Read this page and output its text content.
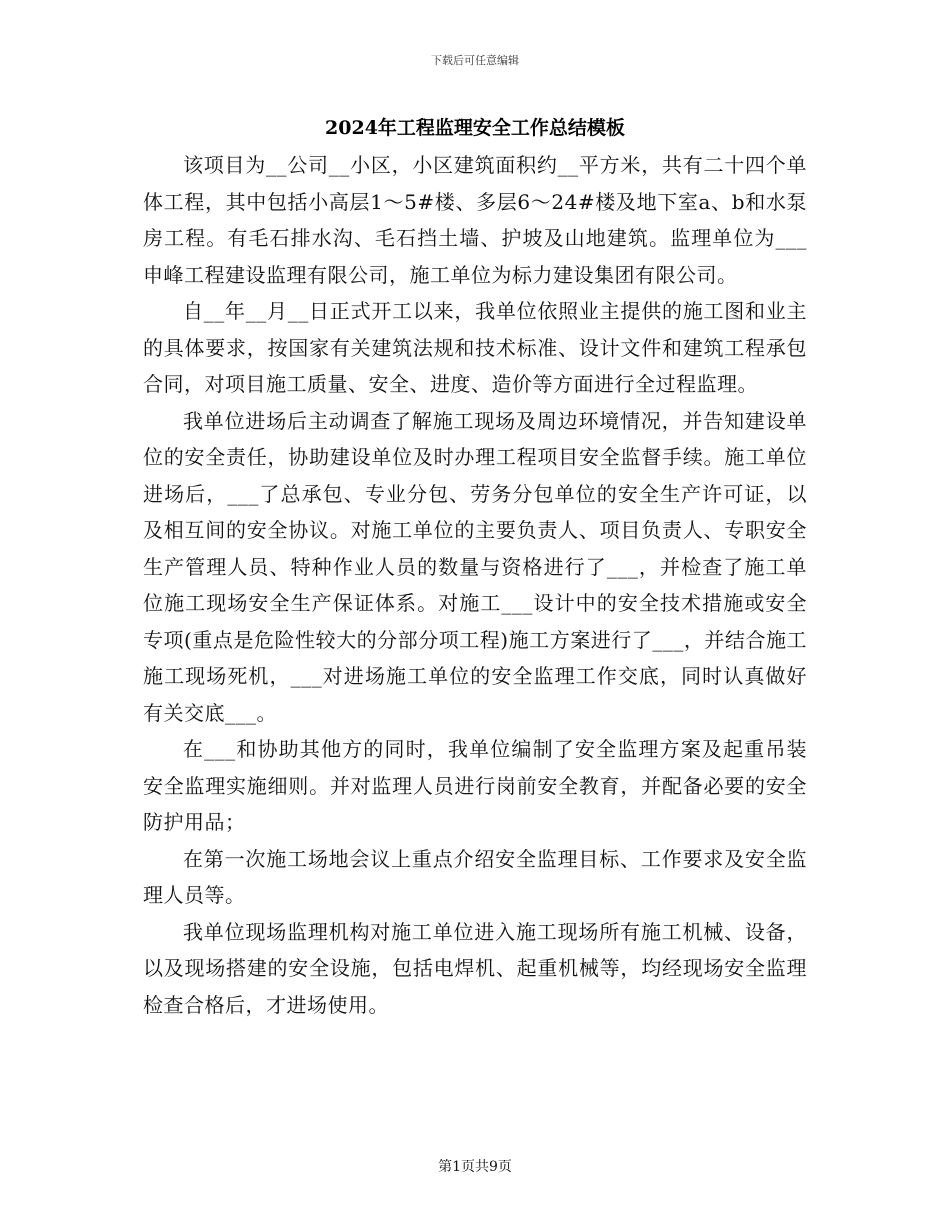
下载后可任意编辑
2024年工程监理安全工作总结模板

该项目为__公司__小区，小区建筑面积约__平方米，共有二十四个单体工程，其中包括小高层1～5#楼、多层6～24#楼及地下室a、b和水泵房工程。有毛石排水沟、毛石挡土墙、护坡及山地建筑。监理单位为___申峰工程建设监理有限公司，施工单位为标力建设集团有限公司。

自__年__月__日正式开工以来，我单位依照业主提供的施工图和业主的具体要求，按国家有关建筑法规和技术标准、设计文件和建筑工程承包合同，对项目施工质量、安全、进度、造价等方面进行全过程监理。

我单位进场后主动调查了解施工现场及周边环境情况，并告知建设单位的安全责任，协助建设单位及时办理工程项目安全监督手续。施工单位进场后，___了总承包、专业分包、劳务分包单位的安全生产许可证，以及相互间的安全协议。对施工单位的主要负责人、项目负责人、专职安全生产管理人员、特种作业人员的数量与资格进行了___，并检查了施工单位施工现场安全生产保证体系。对施工___设计中的安全技术措施或安全专项(重点是危险性较大的分部分项工程)施工方案进行了___，并结合施工施工现场死机，___对进场施工单位的安全监理工作交底，同时认真做好有关交底___。

在___和协助其他方的同时，我单位编制了安全监理方案及起重吊装安全监理实施细则。并对监理人员进行岗前安全教育，并配备必要的安全防护用品；

在第一次施工场地会议上重点介绍安全监理目标、工作要求及安全监理人员等。

我单位现场监理机构对施工单位进入施工现场所有施工机械、设备，以及现场搭建的安全设施，包括电焊机、起重机械等，均经现场安全监理检查合格后，才进场使用。

第1页共9页
